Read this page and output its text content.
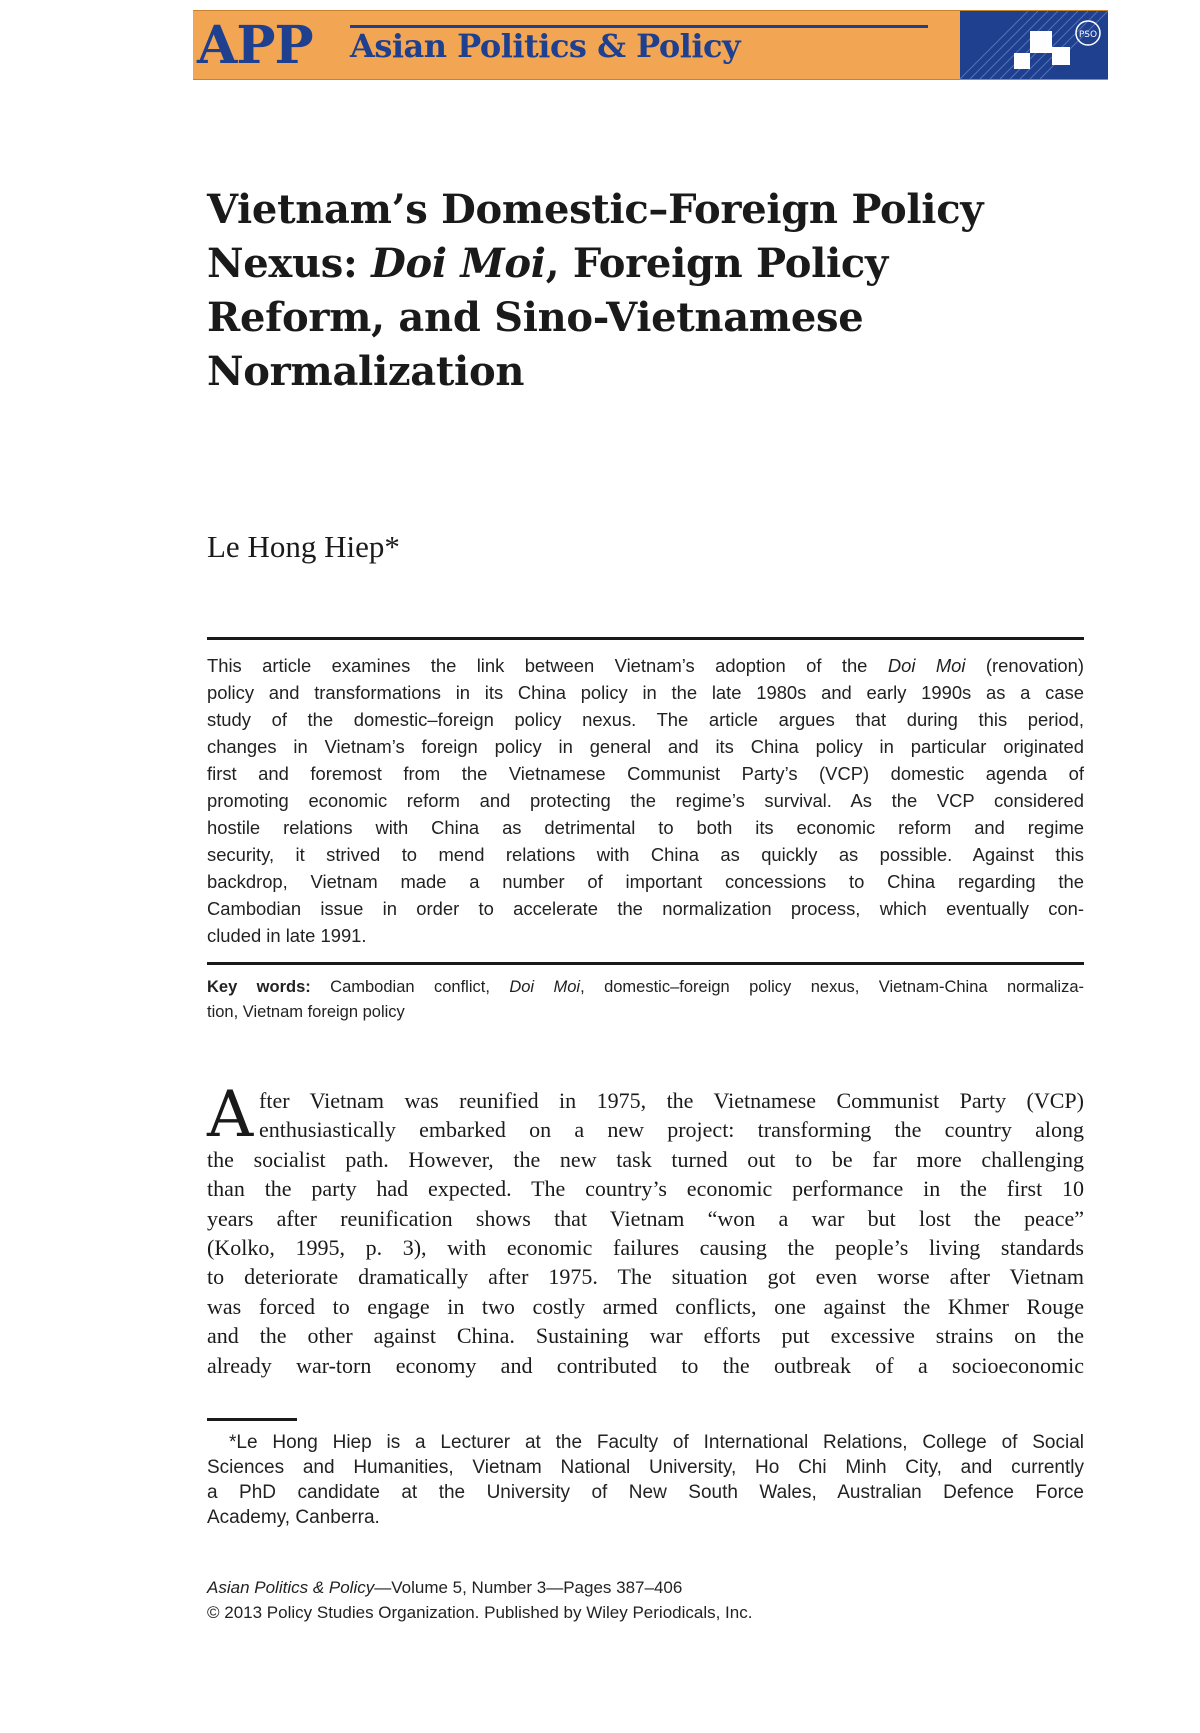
APP Asian Politics & Policy	PSO
Vietnam’s Domestic–Foreign Policy
Nexus: Doi Moi, Foreign Policy
Reform, and Sino-Vietnamese
Normalization
Le Hong Hiep*
This article examines the link between Vietnam’s adoption of the Doi Moi (renovation)
policy and transformations in its China policy in the late 1980s and early 1990s as a case
study of the domestic–foreign policy nexus. The article argues that during this period,
changes in Vietnam’s foreign policy in general and its China policy in particular originated
first and foremost from the Vietnamese Communist Party’s (VCP) domestic agenda of
promoting economic reform and protecting the regime’s survival. As the VCP considered
hostile relations with China as detrimental to both its economic reform and regime
security, it strived to mend relations with China as quickly as possible. Against this
backdrop, Vietnam made a number of important concessions to China regarding the
Cambodian issue in order to accelerate the normalization process, which eventually con-
cluded in late 1991.
Key words: Cambodian conflict, Doi Moi, domestic–foreign policy nexus, Vietnam-China normaliza-
tion, Vietnam foreign policy
A fter Vietnam was reunified in 1975, the Vietnamese Communist Party (VCP)
enthusiastically embarked on a new project: transforming the country along
the socialist path. However, the new task turned out to be far more challenging
than the party had expected. The country’s economic performance in the first 10
years after reunification shows that Vietnam “won a war but lost the peace”
(Kolko, 1995, p. 3), with economic failures causing the people’s living standards
to deteriorate dramatically after 1975. The situation got even worse after Vietnam
was forced to engage in two costly armed conflicts, one against the Khmer Rouge
and the other against China. Sustaining war efforts put excessive strains on the
already war-torn economy and contributed to the outbreak of a socioeconomic
*Le Hong Hiep is a Lecturer at the Faculty of International Relations, College of Social
Sciences and Humanities, Vietnam National University, Ho Chi Minh City, and currently
a PhD candidate at the University of New South Wales, Australian Defence Force
Academy, Canberra.
Asian Politics & Policy—Volume 5, Number 3—Pages 387–406
© 2013 Policy Studies Organization. Published by Wiley Periodicals, Inc.
